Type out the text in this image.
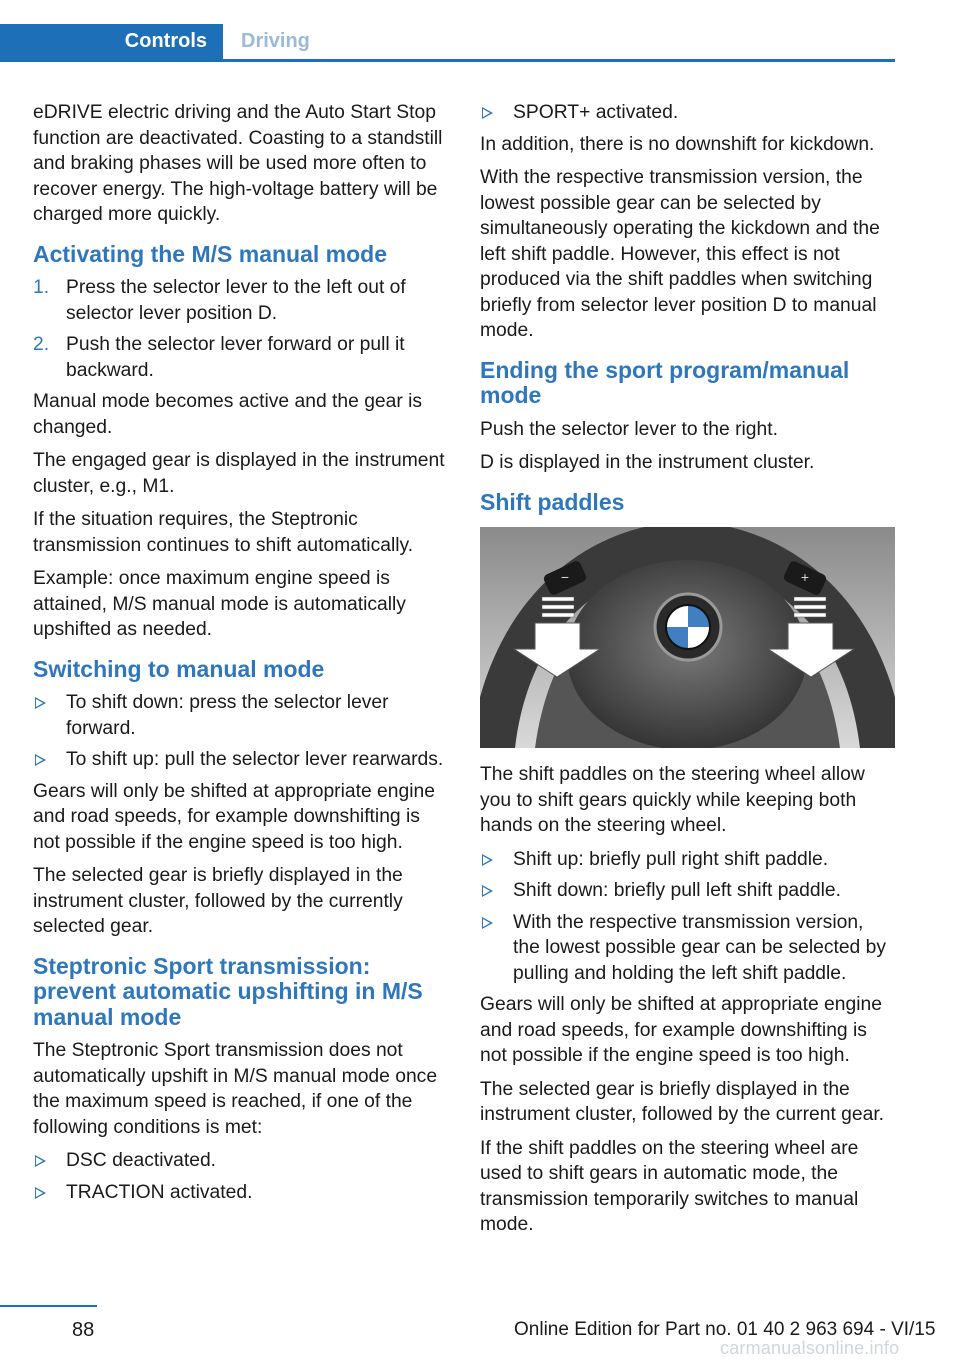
Controls	Driving

eDRIVE electric driving and the Auto Start Stop function are deactivated. Coasting to a standstill and braking phases will be used more often to recover energy. The high-voltage battery will be charged more quickly.

Activating the M/S manual mode
1. Press the selector lever to the left out of selector lever position D.
2. Push the selector lever forward or pull it backward.

Manual mode becomes active and the gear is changed.

The engaged gear is displayed in the instrument cluster, e.g., M1.

If the situation requires, the Steptronic transmission continues to shift automatically.

Example: once maximum engine speed is attained, M/S manual mode is automatically upshifted as needed.

Switching to manual mode
To shift down: press the selector lever forward.
To shift up: pull the selector lever rearwards.

Gears will only be shifted at appropriate engine and road speeds, for example downshifting is not possible if the engine speed is too high.

The selected gear is briefly displayed in the instrument cluster, followed by the currently selected gear.

Steptronic Sport transmission: prevent automatic upshifting in M/S manual mode

The Steptronic Sport transmission does not automatically upshift in M/S manual mode once the maximum speed is reached, if one of the following conditions is met:

DSC deactivated.
TRACTION activated.
SPORT+ activated.

In addition, there is no downshift for kickdown.

With the respective transmission version, the lowest possible gear can be selected by simultaneously operating the kickdown and the left shift paddle. However, this effect is not produced via the shift paddles when switching briefly from selector lever position D to manual mode.

Ending the sport program/manual mode

Push the selector lever to the right.

D is displayed in the instrument cluster.

Shift paddles
−	+

The shift paddles on the steering wheel allow you to shift gears quickly while keeping both hands on the steering wheel.

Shift up: briefly pull right shift paddle.
Shift down: briefly pull left shift paddle.
With the respective transmission version, the lowest possible gear can be selected by pulling and holding the left shift paddle.

Gears will only be shifted at appropriate engine and road speeds, for example downshifting is not possible if the engine speed is too high.

The selected gear is briefly displayed in the instrument cluster, followed by the current gear.

If the shift paddles on the steering wheel are used to shift gears in automatic mode, the transmission temporarily switches to manual mode.

88	Online Edition for Part no. 01 40 2 963 694 - VI/15
carmanualsonline.info
